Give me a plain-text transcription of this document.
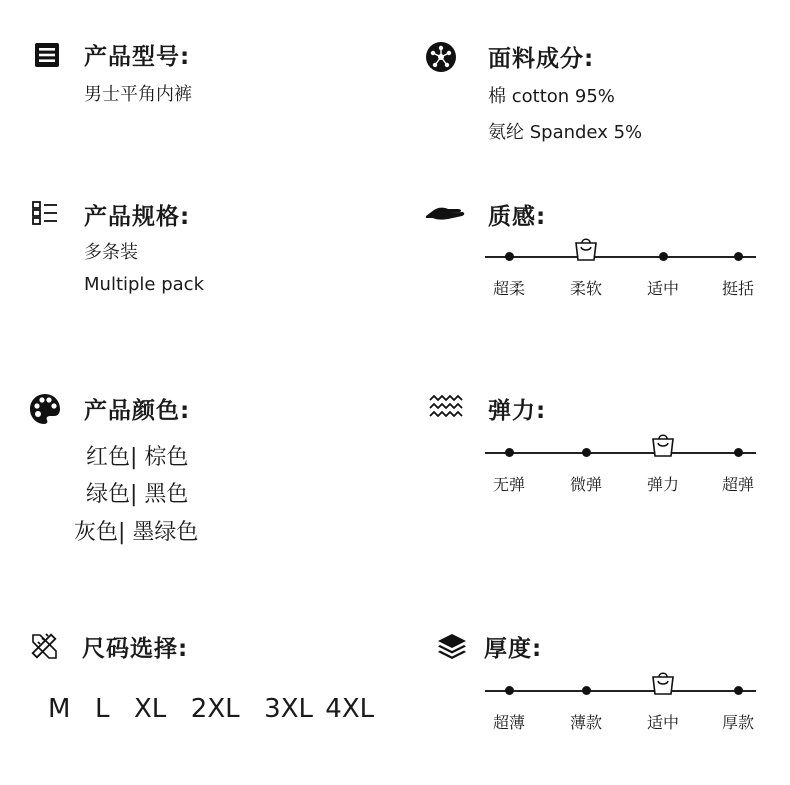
产品型号:
男士平角内裤
产品规格:
多条装
Multiple pack
产品颜色:
红色| 棕色
绿色| 黑色
灰色| 墨绿色
尺码选择:
M  L  XL  2XL  3XL 4XL
面料成分:
棉 cotton 95%
氨纶 Spandex 5%
质感:
超柔	柔软	适中	挺括
弹力:
无弹	微弹	弹力	超弹
厚度:
超薄	薄款	适中	厚款
